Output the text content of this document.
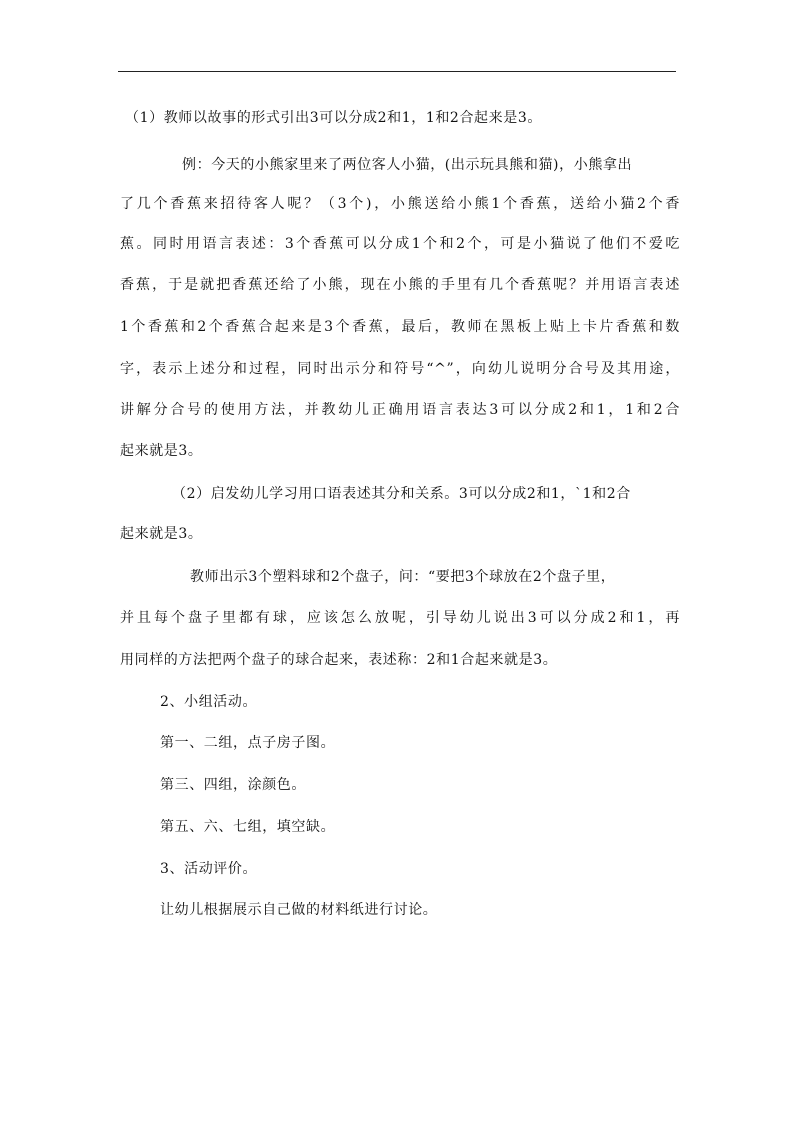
（1）教师以故事的形式引出3可以分成2和1，1和2合起来是3。
例：今天的小熊家里来了两位客人小猫，(出示玩具熊和猫)，小熊拿出
了几个香蕉来招待客人呢？（3个)，小熊送给小熊1个香蕉，送给小猫2个香
蕉。同时用语言表述：3个香蕉可以分成1个和2个，可是小猫说了他们不爱吃
香蕉，于是就把香蕉还给了小熊，现在小熊的手里有几个香蕉呢？并用语言表述
1个香蕉和2个香蕉合起来是3个香蕉，最后，教师在黑板上贴上卡片香蕉和数
字，表示上述分和过程，同时出示分和符号“^”，向幼儿说明分合号及其用途，
讲解分合号的使用方法，并教幼儿正确用语言表达3可以分成2和1，1和2合
起来就是3。
（2）启发幼儿学习用口语表述其分和关系。3可以分成2和1，`1和2合
起来就是3。
教师出示3个塑料球和2个盘子，问：“要把3个球放在2个盘子里，
并且每个盘子里都有球，应该怎么放呢，引导幼儿说出3可以分成2和1，再
用同样的方法把两个盘子的球合起来，表述称：2和1合起来就是3。
2、小组活动。
第一、二组，点子房子图。
第三、四组，涂颜色。
第五、六、七组，填空缺。
3、活动评价。
让幼儿根据展示自己做的材料纸进行讨论。
